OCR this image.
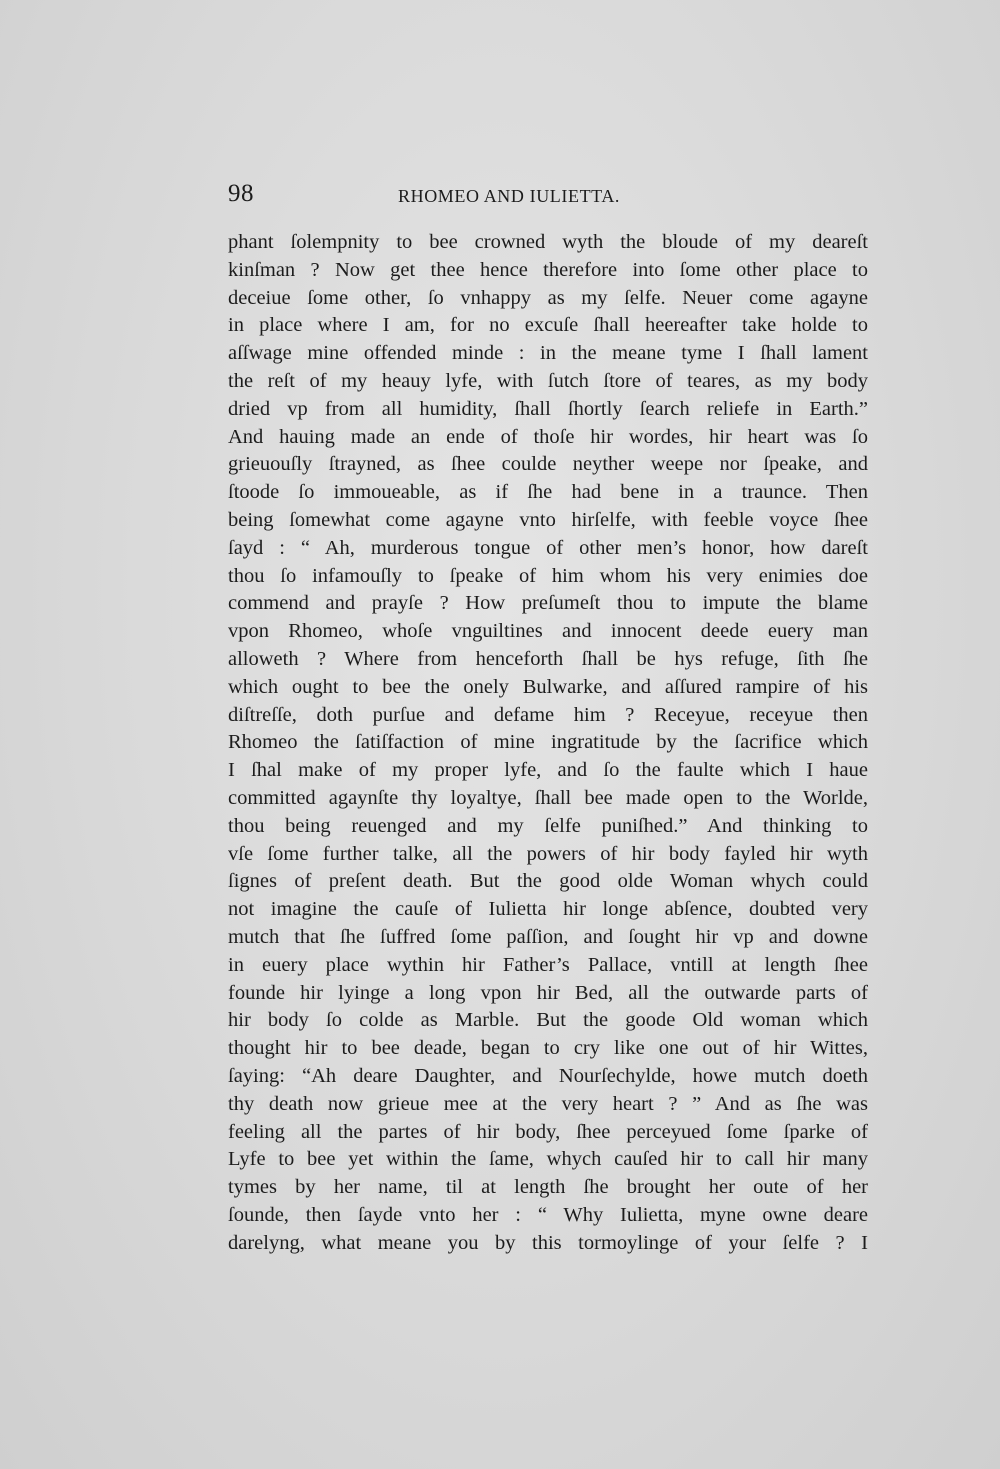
98	RHOMEO AND IULIETTA.
phant ſolempnity to bee crowned wyth the bloude of my deareſt
kinſman ? Now get thee hence therefore into ſome other place to
deceiue ſome other, ſo vnhappy as my ſelfe. Neuer come agayne
in place where I am, for no excuſe ſhall heereafter take holde to
aſſwage mine offended minde : in the meane tyme I ſhall lament
the reſt of my heauy lyfe, with ſutch ſtore of teares, as my body
dried vp from all humidity, ſhall ſhortly ſearch reliefe in Earth.”
And hauing made an ende of thoſe hir wordes, hir heart was ſo
grieuouſly ſtrayned, as ſhee coulde neyther weepe nor ſpeake, and
ſtoode ſo immoueable, as if ſhe had bene in a traunce. Then
being ſomewhat come agayne vnto hirſelfe, with feeble voyce ſhee
ſayd : “ Ah, murderous tongue of other men’s honor, how dareſt
thou ſo infamouſly to ſpeake of him whom his very enimies doe
commend and prayſe ? How preſumeſt thou to impute the blame
vpon Rhomeo, whoſe vnguiltines and innocent deede euery man
alloweth ? Where from henceforth ſhall be hys refuge, ſith ſhe
which ought to bee the onely Bulwarke, and aſſured rampire of his
diſtreſſe, doth purſue and defame him ? Receyue, receyue then
Rhomeo the ſatiſfaction of mine ingratitude by the ſacrifice which
I ſhal make of my proper lyfe, and ſo the faulte which I haue
committed agaynſte thy loyaltye, ſhall bee made open to the Worlde,
thou being reuenged and my ſelfe puniſhed.” And thinking to
vſe ſome further talke, all the powers of hir body fayled hir wyth
ſignes of preſent death. But the good olde Woman whych could
not imagine the cauſe of Iulietta hir longe abſence, doubted very
mutch that ſhe ſuffred ſome paſſion, and ſought hir vp and downe
in euery place wythin hir Father’s Pallace, vntill at length ſhee
founde hir lyinge a long vpon hir Bed, all the outwarde parts of
hir body ſo colde as Marble. But the goode Old woman which
thought hir to bee deade, began to cry like one out of hir Wittes,
ſaying: “Ah deare Daughter, and Nourſechylde, howe mutch doeth
thy death now grieue mee at the very heart ? ” And as ſhe was
feeling all the partes of hir body, ſhee perceyued ſome ſparke of
Lyfe to bee yet within the ſame, whych cauſed hir to call hir many
tymes by her name, til at length ſhe brought her oute of her
ſounde, then ſayde vnto her : “ Why Iulietta, myne owne deare
darelyng, what meane you by this tormoylinge of your ſelfe ? I
